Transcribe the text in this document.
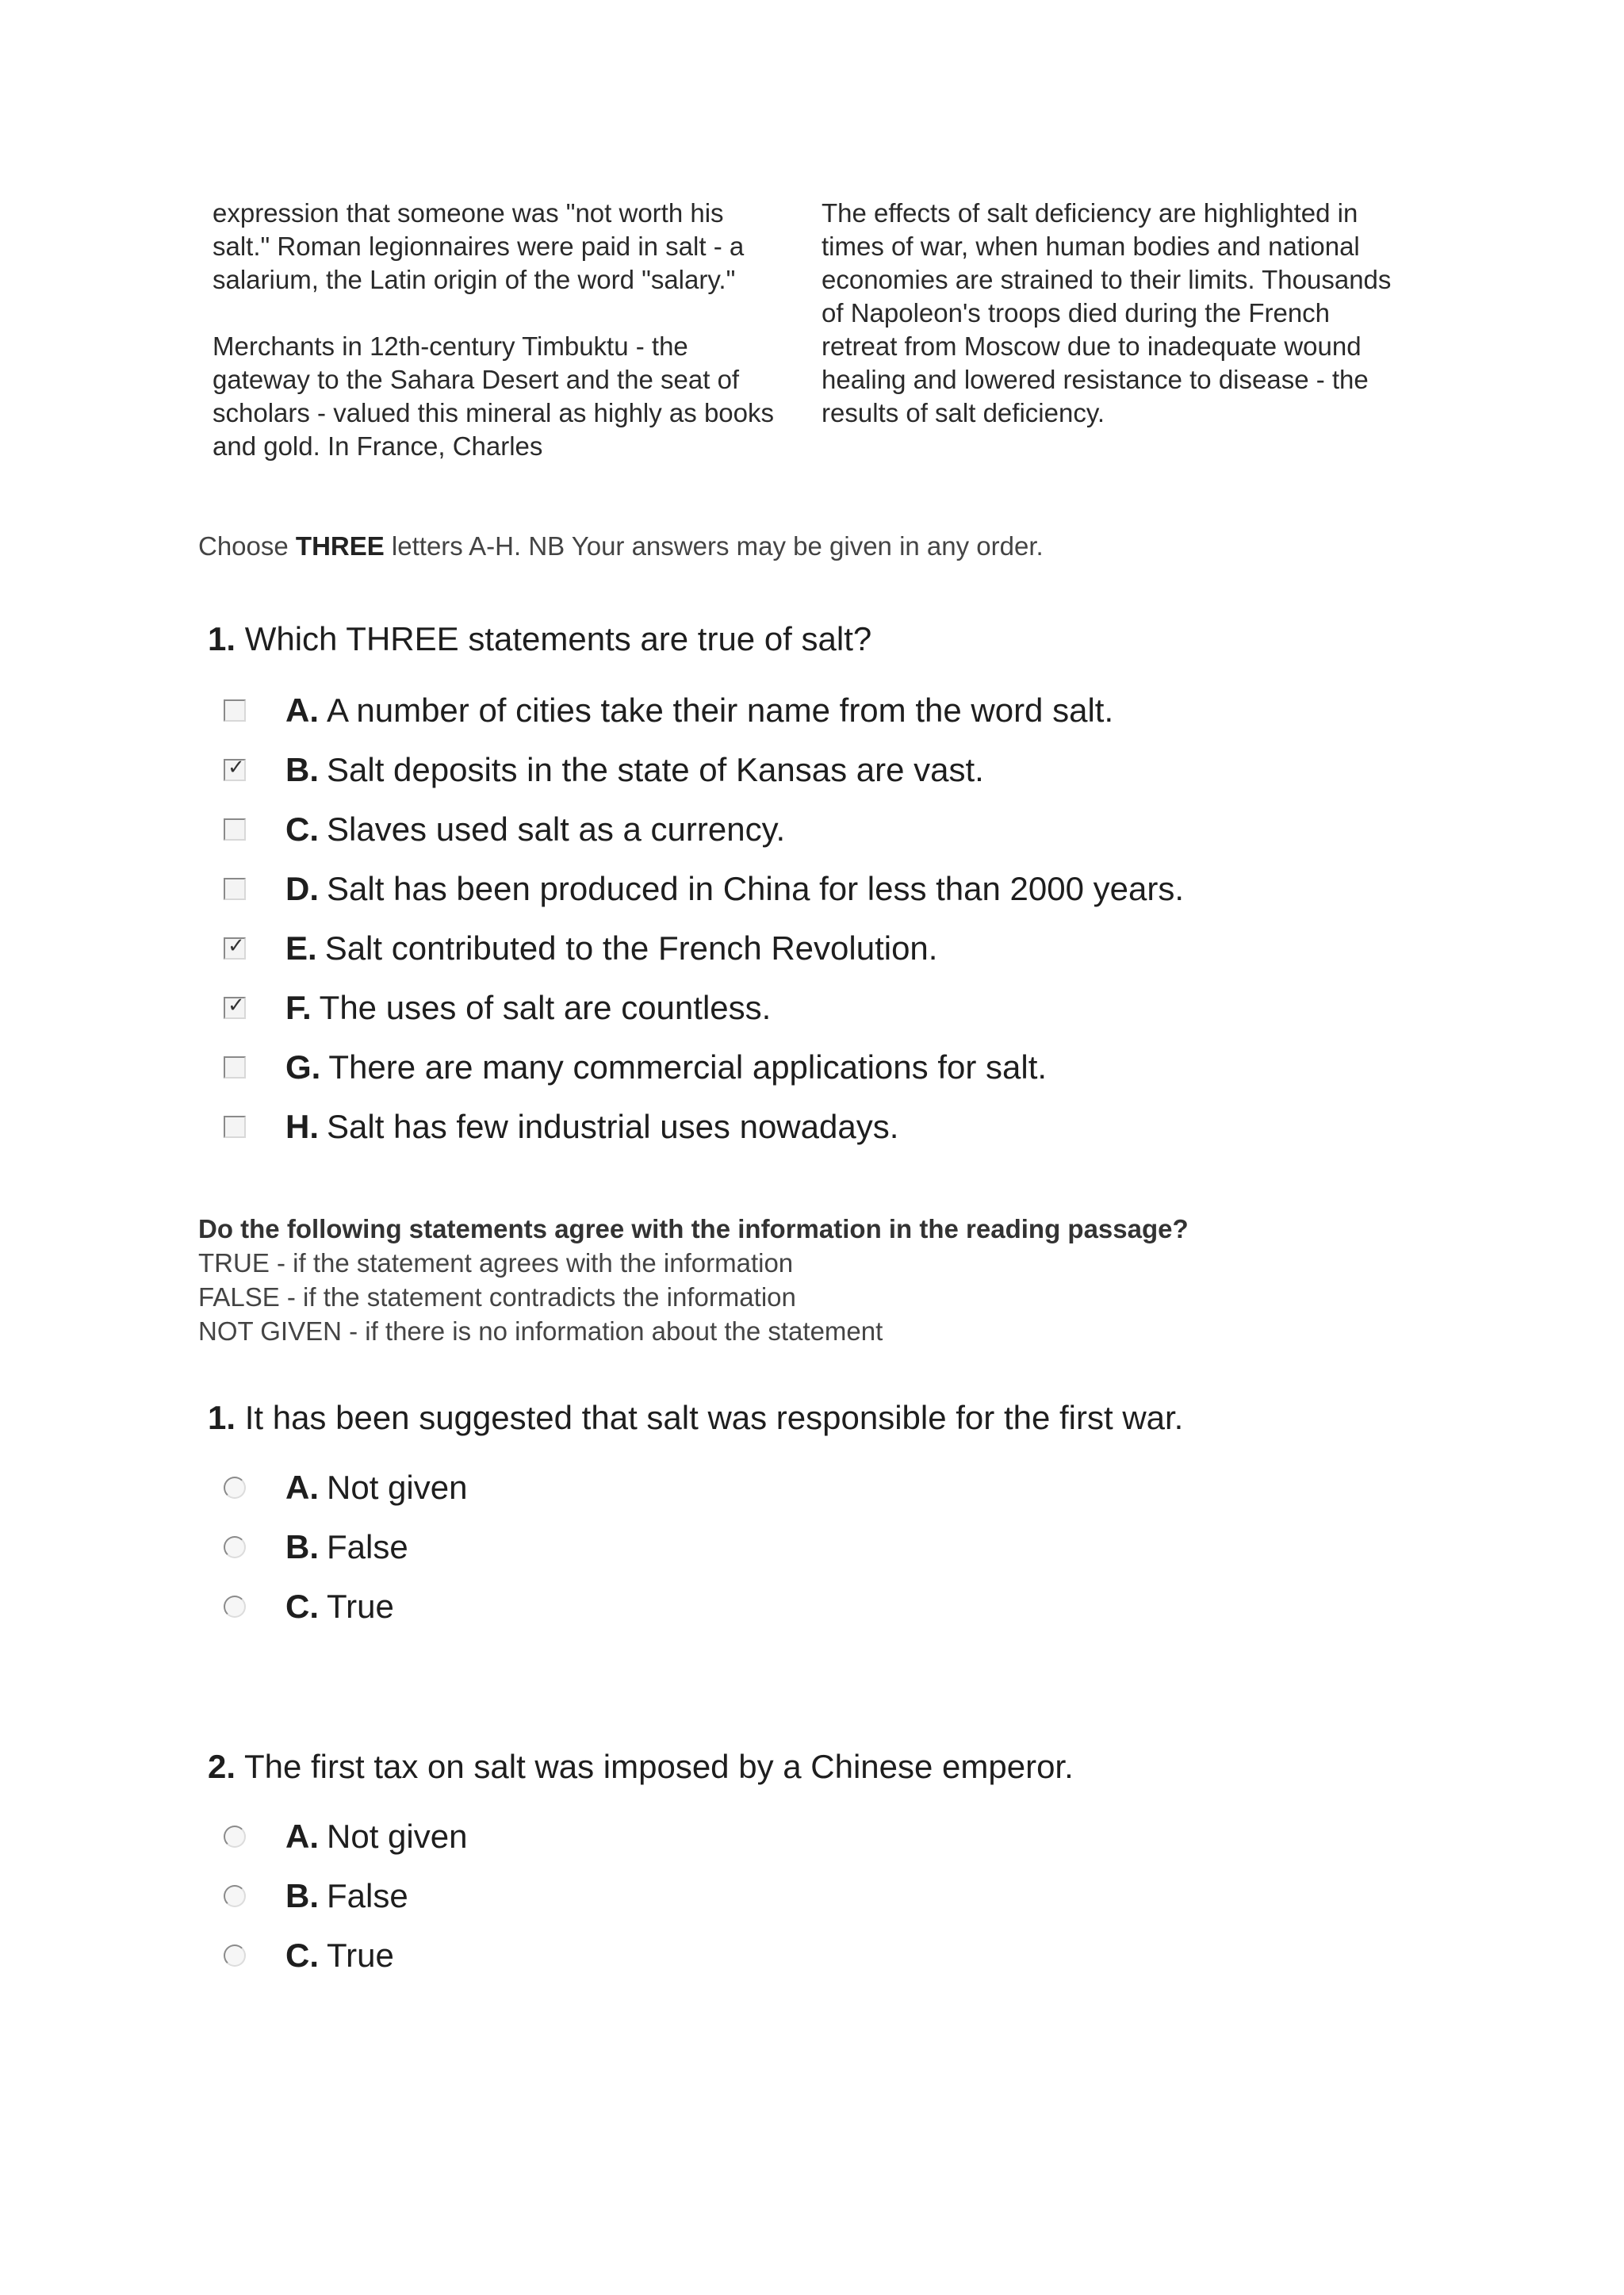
expression that someone was "not worth his salt." Roman legionnaires were paid in salt - a salarium, the Latin origin of the word "salary."

Merchants in 12th-century Timbuktu - the gateway to the Sahara Desert and the seat of scholars - valued this mineral as highly as books and gold. In France, Charles

The effects of salt deficiency are highlighted in times of war, when human bodies and national economies are strained to their limits. Thousands of Napoleon's troops died during the French retreat from Moscow due to inadequate wound healing and lowered resistance to disease - the results of salt deficiency.

Choose THREE letters A-H. NB Your answers may be given in any order.

1. Which THREE statements are true of salt?

A. A number of cities take their name from the word salt.
✓ B. Salt deposits in the state of Kansas are vast.
C. Slaves used salt as a currency.
D. Salt has been produced in China for less than 2000 years.
✓ E. Salt contributed to the French Revolution.
✓ F. The uses of salt are countless.
G. There are many commercial applications for salt.
H. Salt has few industrial uses nowadays.
Do the following statements agree with the information in the reading passage?
TRUE - if the statement agrees with the information
FALSE - if the statement contradicts the information
NOT GIVEN - if there is no information about the statement

1. It has been suggested that salt was responsible for the first war.

A. Not given
B. False
C. True

2. The first tax on salt was imposed by a Chinese emperor.

A. Not given
B. False
C. True
